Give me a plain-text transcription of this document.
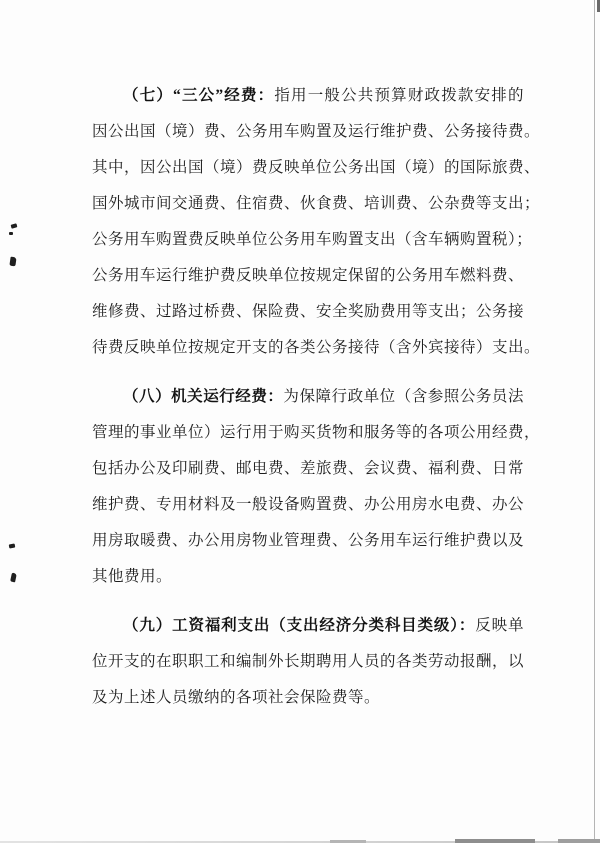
（七）“三公”经费：指用一般公共预算财政拨款安排的
因公出国（境）费、公务用车购置及运行维护费、公务接待费。
其中，因公出国（境）费反映单位公务出国（境）的国际旅费、
国外城市间交通费、住宿费、伙食费、培训费、公杂费等支出；
公务用车购置费反映单位公务用车购置支出（含车辆购置税）；
公务用车运行维护费反映单位按规定保留的公务用车燃料费、
维修费、过路过桥费、保险费、安全奖励费用等支出；公务接
待费反映单位按规定开支的各类公务接待（含外宾接待）支出。
（八）机关运行经费：为保障行政单位（含参照公务员法
管理的事业单位）运行用于购买货物和服务等的各项公用经费，
包括办公及印刷费、邮电费、差旅费、会议费、福利费、日常
维护费、专用材料及一般设备购置费、办公用房水电费、办公
用房取暖费、办公用房物业管理费、公务用车运行维护费以及
其他费用。
（九）工资福利支出（支出经济分类科目类级）：反映单
位开支的在职职工和编制外长期聘用人员的各类劳动报酬，以
及为上述人员缴纳的各项社会保险费等。
